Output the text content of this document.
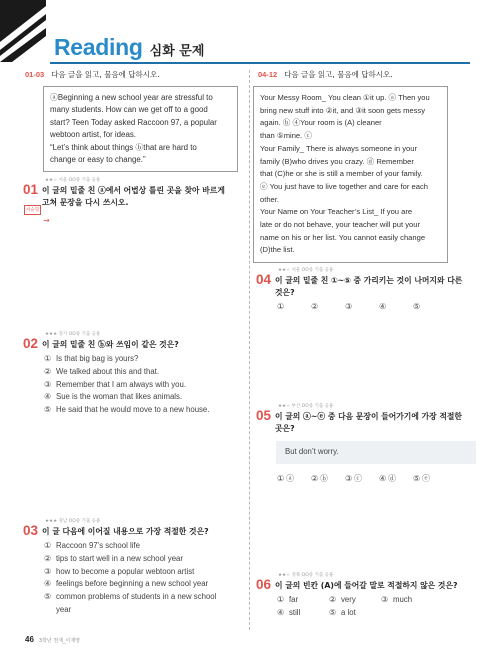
Reading 심화 문제
01-03 다음 글을 읽고, 물음에 답하시오.

ⓐBeginning a new school year are stressful to

many students. How can we get off to a good

start? Teen Today asked Raccoon 97, a popular

webtoon artist, for ideas.

“Let’s think about things ⓑthat are hard to

change or easy to change.”

★★☆ 서울 OO중 기출 응용
01 이 글의 밑줄 친 ⓐ에서 어법상 틀린 곳을 찾아 바르게
서술형
고쳐 문장을 다시 쓰시오.
→
★★★ 경기 OO중 기출 응용
02 이 글의 밑줄 친 ⓑ와 쓰임이 같은 것은?
① Is that big bag is yours?
② We talked about this and that.
③ Remember that I am always with you.
④ Sue is the woman that likes animals.
⑤ He said that he would move to a new house.
★★★ 경남 OO중 기출 응용
03 이 글 다음에 이어질 내용으로 가장 적절한 것은?
① Raccoon 97’s school life
② tips to start well in a new school year
③ how to become a popular webtoon artist
④ feelings before beginning a new school year
⑤ common problems of students in a new school
year
04-12 다음 글을 읽고, 물음에 답하시오.

Your Messy Room_ You clean ①it up. ⓐ Then you

bring new stuff into ②it, and ③it soon gets messy

again. ⓑ ④Your room is (A) cleaner

than ⑤mine. ⓒ

Your Family_ There is always someone in your

family (B)who drives you crazy. ⓓ Remember

that (C)he or she is still a member of your family.

ⓔ You just have to live together and care for each

other.

Your Name on Your Teacher’s List_ If you are

late or do not behave, your teacher will put your

name on his or her list. You cannot easily change

(D)the list.

★★☆ 서울 OO중 기출 응용
04 이 글의 밑줄 친 ①~⑤ 중 가리키는 것이 나머지와 다른
것은?
①	②	③	④	⑤
★★☆ 부산 OO중 기출 응용
05 이 글의 ⓐ~ⓔ 중 다음 문장이 들어가기에 가장 적절한
곳은?
But don’t worry.
① ⓐ	② ⓑ	③ ⓒ	④ ⓓ	⑤ ⓔ
★★☆ 경북 OO중 기출 응용
06 이 글의 빈칸 (A)에 들어갈 말로 적절하지 않은 것은?
① far	② very	③ much
④ still	⑤ a lot
46 3학년 천재_이재영
